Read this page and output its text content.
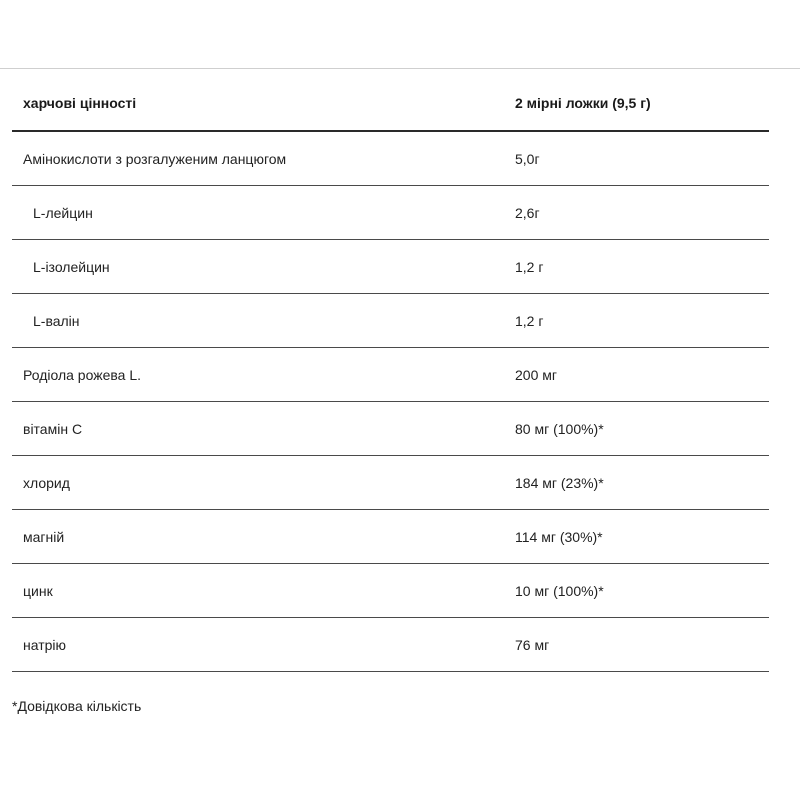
харчові цінності	2 мірні ложки (9,5 г)
Амінокислоти з розгалуженим ланцюгом	5,0г
L-лейцин	2,6г
L-ізолейцин	1,2 г
L-валін	1,2 г
Родіола рожева L.	200 мг
вітамін С	80 мг (100%)*
хлорид	184 мг (23%)*
магній	114 мг (30%)*
цинк	10 мг (100%)*
натрію	76 мг
*Довідкова кількість
